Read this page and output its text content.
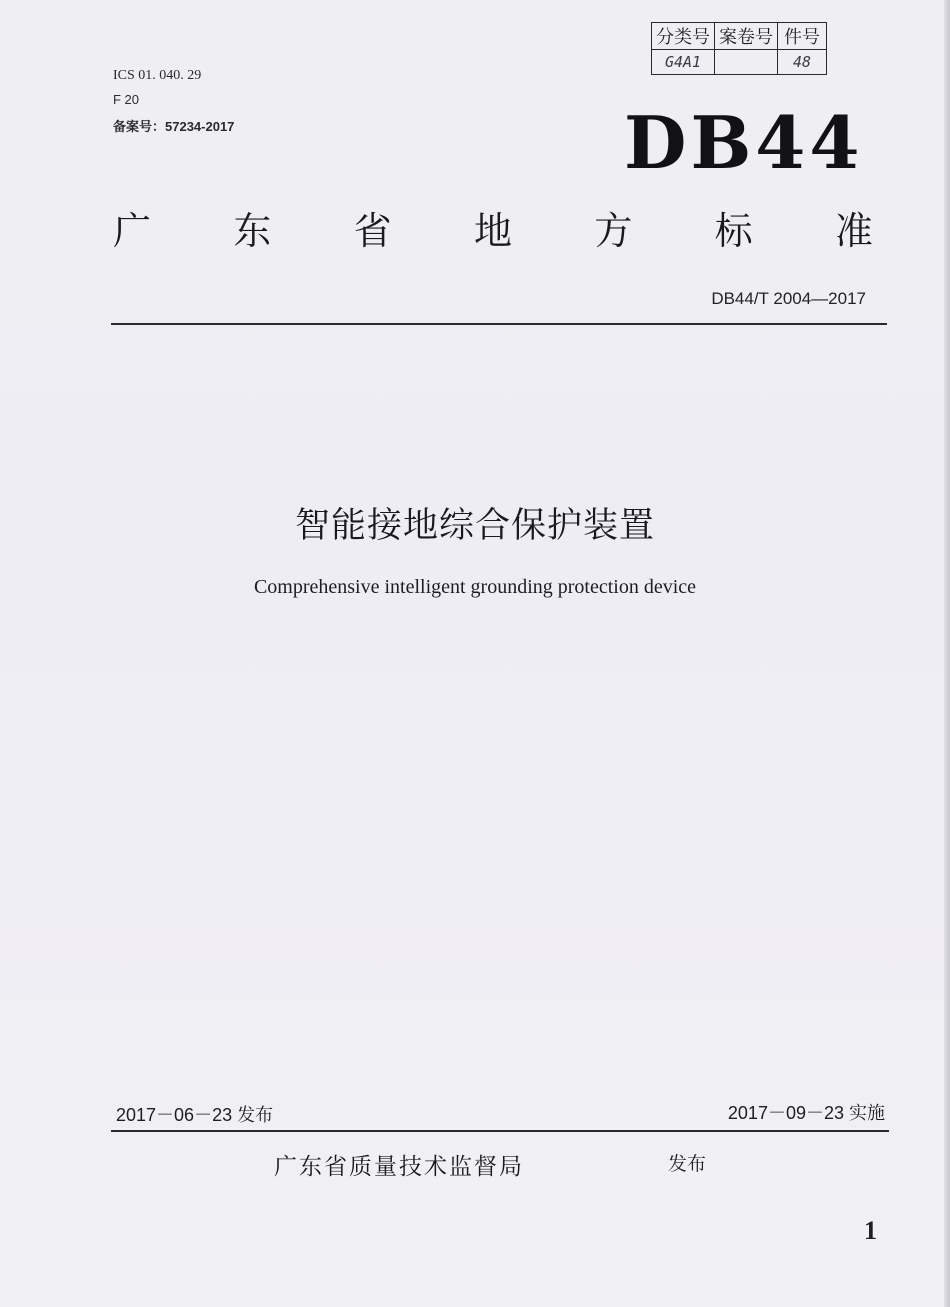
ICS 01. 040. 29
F 20
备案号：57234-2017
分类号	案卷号	件号
G4A1		48
DB44
广 东 省 地 方 标 准
DB44/T 2004—2017
智能接地综合保护装置
Comprehensive intelligent grounding protection device
2017－06－23 发布	2017－09－23 实施
广东省质量技术监督局	发布
1
